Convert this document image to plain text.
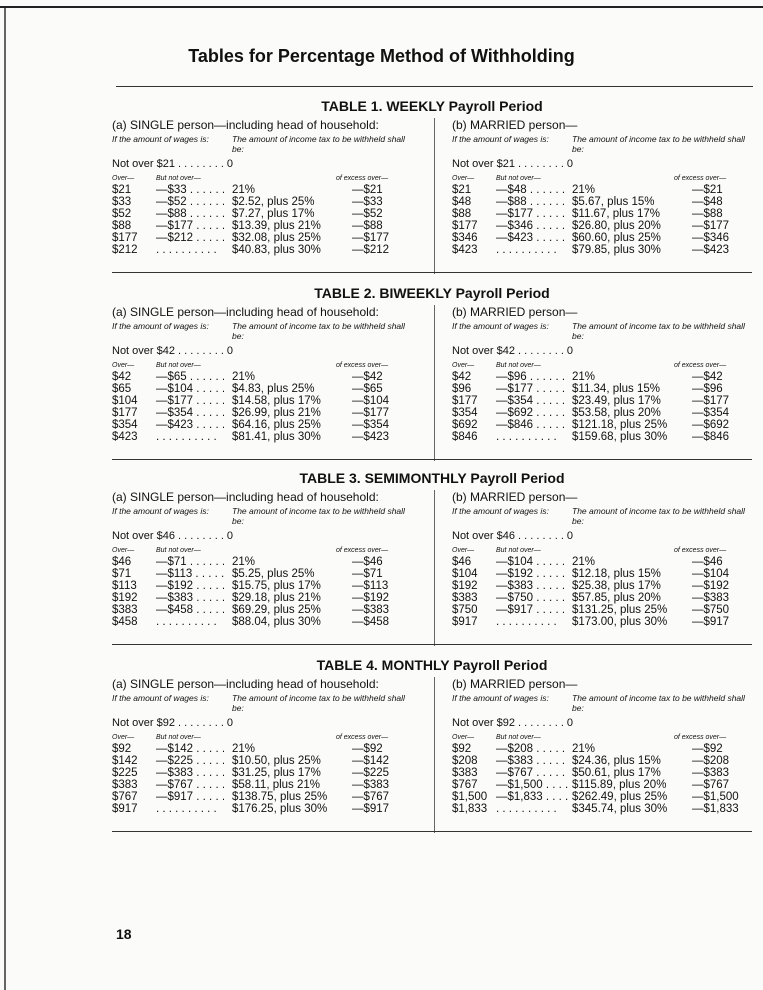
Tables for Percentage Method of Withholding
TABLE 1. WEEKLY Payroll Period
(a) SINGLE person—including head of household:
If the amount of wages is:	The amount of income tax to be withheld shall be:
Not over $21 . . . . . . . . 0
Over—	But not over—	of excess over—
$21 —$33 . . . . . . 21%	—$21
$33 —$52 . . . . . . $2.52, plus 25%	—$33
$52 —$88 . . . . . . $7.27, plus 17%	—$52
$88 —$177 . . . . . $13.39, plus 21%	—$88
$177 —$212 . . . . . $32.08, plus 25%	—$177
$212 . . . . . . . . . . $40.83, plus 30%	—$212
(b) MARRIED person—
If the amount of wages is:	The amount of income tax to be withheld shall be:
Not over $21 . . . . . . . . 0
Over—	But not over—	of excess over—
$21 —$48 . . . . . . 21%	—$21
$48 —$88 . . . . . . $5.67, plus 15%	—$48
$88 —$177 . . . . . $11.67, plus 17%	—$88
$177 —$346 . . . . . $26.80, plus 20%	—$177
$346 —$423 . . . . . $60.60, plus 25%	—$346
$423 . . . . . . . . . . $79.85, plus 30%	—$423
TABLE 2. BIWEEKLY Payroll Period
(a) SINGLE person—including head of household:
If the amount of wages is:	The amount of income tax to be withheld shall be:
Not over $42 . . . . . . . . 0
Over—	But not over—	of excess over—
$42 —$65 . . . . . . 21%	—$42
$65 —$104 . . . . . $4.83, plus 25%	—$65
$104 —$177 . . . . . $14.58, plus 17%	—$104
$177 —$354 . . . . . $26.99, plus 21%	—$177
$354 —$423 . . . . . $64.16, plus 25%	—$354
$423 . . . . . . . . . . $81.41, plus 30%	—$423
(b) MARRIED person—
If the amount of wages is:	The amount of income tax to be withheld shall be:
Not over $42 . . . . . . . . 0
Over—	But not over—	of excess over—
$42 —$96 . . . . . . 21%	—$42
$96 —$177 . . . . . $11.34, plus 15%	—$96
$177 —$354 . . . . . $23.49, plus 17%	—$177
$354 —$692 . . . . . $53.58, plus 20%	—$354
$692 —$846 . . . . . $121.18, plus 25% —$692
$846 . . . . . . . . . . $159.68, plus 30% —$846
TABLE 3. SEMIMONTHLY Payroll Period
(a) SINGLE person—including head of household:
If the amount of wages is:	The amount of income tax to be withheld shall be:
Not over $46 . . . . . . . . 0
Over—	But not over—	of excess over—
$46 —$71 . . . . . . 21%	—$46
$71 —$113 . . . . . $5.25, plus 25%	—$71
$113 —$192 . . . . . $15.75, plus 17%	—$113
$192 —$383 . . . . . $29.18, plus 21%	—$192
$383 —$458 . . . . . $69.29, plus 25%	—$383
$458 . . . . . . . . . . $88.04, plus 30%	—$458
(b) MARRIED person—
If the amount of wages is:	The amount of income tax to be withheld shall be:
Not over $46 . . . . . . . . 0
Over—	But not over—	of excess over—
$46 —$104 . . . . . 21%	—$46
$104 —$192 . . . . . $12.18, plus 15%	—$104
$192 —$383 . . . . . $25.38, plus 17%	—$192
$383 —$750 . . . . . $57.85, plus 20%	—$383
$750 —$917 . . . . . $131.25, plus 25% —$750
$917 . . . . . . . . . . $173.00, plus 30% —$917
TABLE 4. MONTHLY Payroll Period
(a) SINGLE person—including head of household:
If the amount of wages is:	The amount of income tax to be withheld shall be:
Not over $92 . . . . . . . . 0
Over—	But not over—	of excess over—
$92 —$142 . . . . . 21%	—$92
$142 —$225 . . . . . $10.50, plus 25%	—$142
$225 —$383 . . . . . $31.25, plus 17%	—$225
$383 —$767 . . . . . $58.11, plus 21%	—$383
$767 —$917 . . . . . $138.75, plus 25% —$767
$917 . . . . . . . . . . $176.25, plus 30% —$917
(b) MARRIED person—
If the amount of wages is:	The amount of income tax to be withheld shall be:
Not over $92 . . . . . . . . 0
Over—	But not over—	of excess over—
$92 —$208 . . . . . 21%	—$92
$208 —$383 . . . . . $24.36, plus 15%	—$208
$383 —$767 . . . . . $50.61, plus 17%	—$383
$767 —$1,500 . . . . $115.89, plus 20% —$767
$1,500 —$1,833 . . . . $262.49, plus 25% —$1,500
$1,833 . . . . . . . . . . $345.74, plus 30% —$1,833
18
